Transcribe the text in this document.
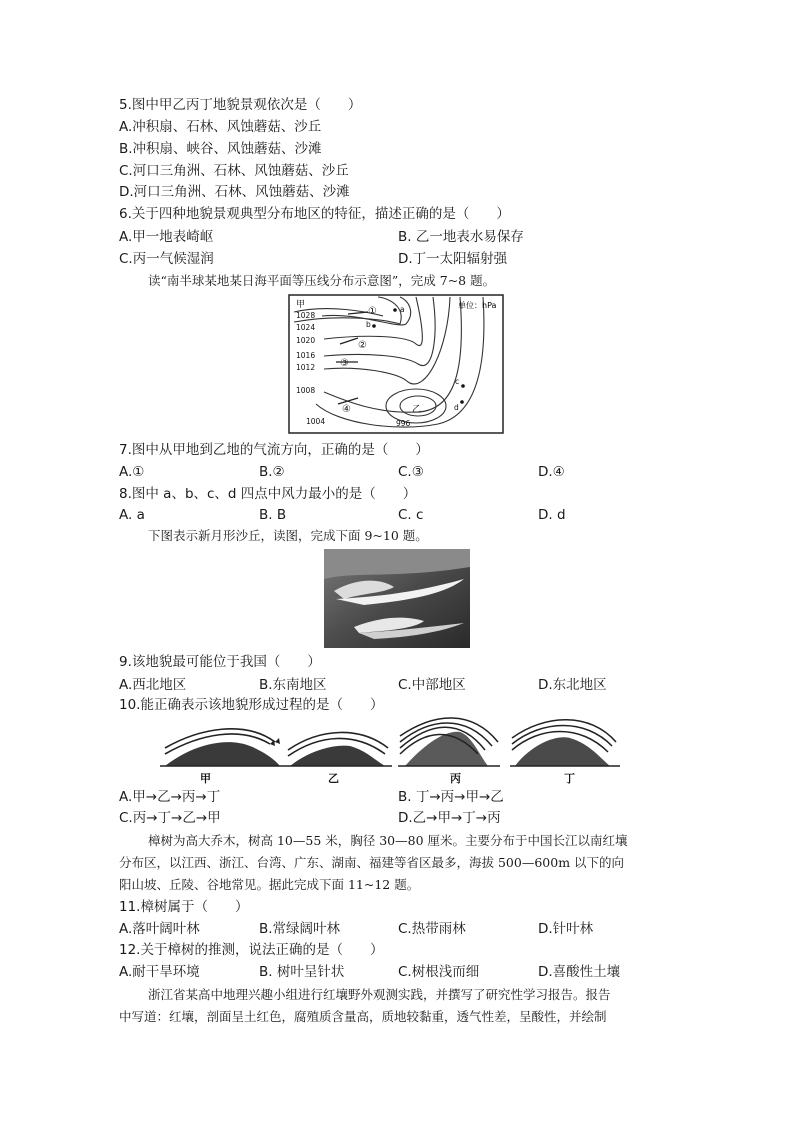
5.图中甲乙丙丁地貌景观依次是（　　）
A.冲积扇、石林、风蚀蘑菇、沙丘
B.冲积扇、峡谷、风蚀蘑菇、沙滩
C.河口三角洲、石林、风蚀蘑菇、沙丘
D.河口三角洲、石林、风蚀蘑菇、沙滩
6.关于四种地貌景观典型分布地区的特征，描述正确的是（　　）
A.甲一地表崎岖	B. 乙一地表水易保存
C.丙一气候湿润	D.丁一太阳辐射强
读“南半球某地某日海平面等压线分布示意图”，完成 7~8 题。
甲
乙
单位：hPa
1028
1024
1020
1016
1012
1008
1004	996
①
②
③
④
a
b
c
d
7.图中从甲地到乙地的气流方向，正确的是（　　）
A.①	B.②	C.③	D.④
8.图中 a、b、c、d 四点中风力最小的是（　　）
A. a	B. B	C. c	D. d
下图表示新月形沙丘，读图，完成下面 9~10 题。
9.该地貌最可能位于我国（　　）
A.西北地区	B.东南地区	C.中部地区	D.东北地区
10.能正确表示该地貌形成过程的是（　　）
甲	乙	丙	丁
A.甲→乙→丙→丁	B. 丁→丙→甲→乙
C.丙→丁→乙→甲	D.乙→甲→丁→丙
樟树为高大乔木，树高 10—55 米，胸径 30—80 厘米。主要分布于中国长江以南红壤
分布区，以江西、浙江、台湾、广东、湖南、福建等省区最多，海拔 500—600m 以下的向
阳山坡、丘陵、谷地常见。据此完成下面 11~12 题。
11.樟树属于（　　）
A.落叶阔叶林	B.常绿阔叶林	C.热带雨林	D.针叶林
12.关于樟树的推测，说法正确的是（　　）
A.耐干旱环境	B. 树叶呈针状	C.树根浅而细	D.喜酸性土壤
浙江省某高中地理兴趣小组进行红壤野外观测实践，并撰写了研究性学习报告。报告
中写道：红壤，剖面呈土红色，腐殖质含量高，质地较黏重，透气性差，呈酸性，并绘制
